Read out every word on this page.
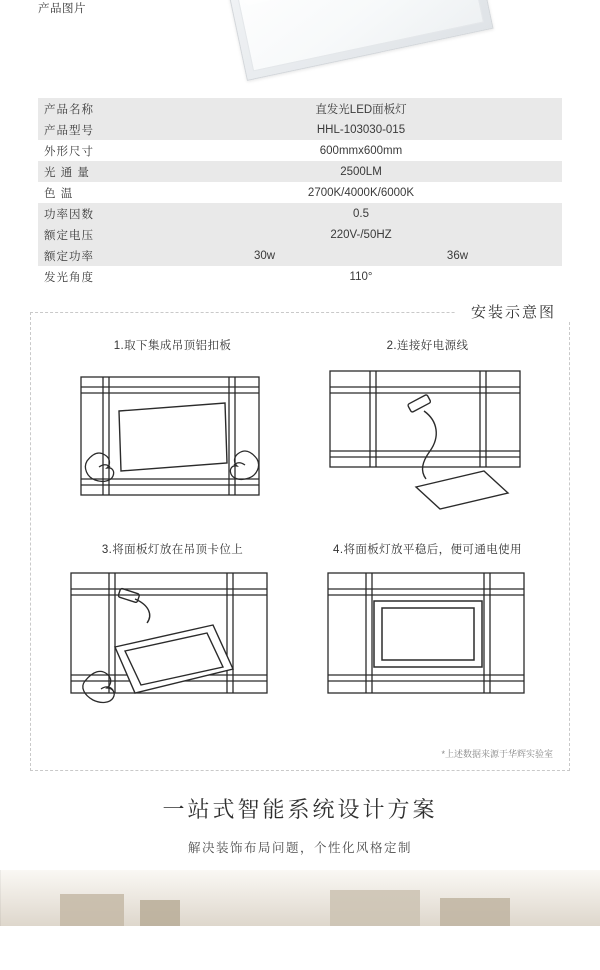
产品图片
产品名称	直发光LED面板灯
产品型号	HHL-103030-015
外形尺寸	600mmx600mm
光 通 量	2500LM
色 温	2700K/4000K/6000K
功率因数	0.5
额定电压	220V-/50HZ
额定功率	30w 36w
发光角度	110°
安装示意图
1.取下集成吊顶铝扣板	2.连接好电源线
3.将面板灯放在吊顶卡位上	4.将面板灯放平稳后，便可通电使用
*上述数据来源于华辉实验室
一站式智能系统设计方案
解决装饰布局问题，个性化风格定制
